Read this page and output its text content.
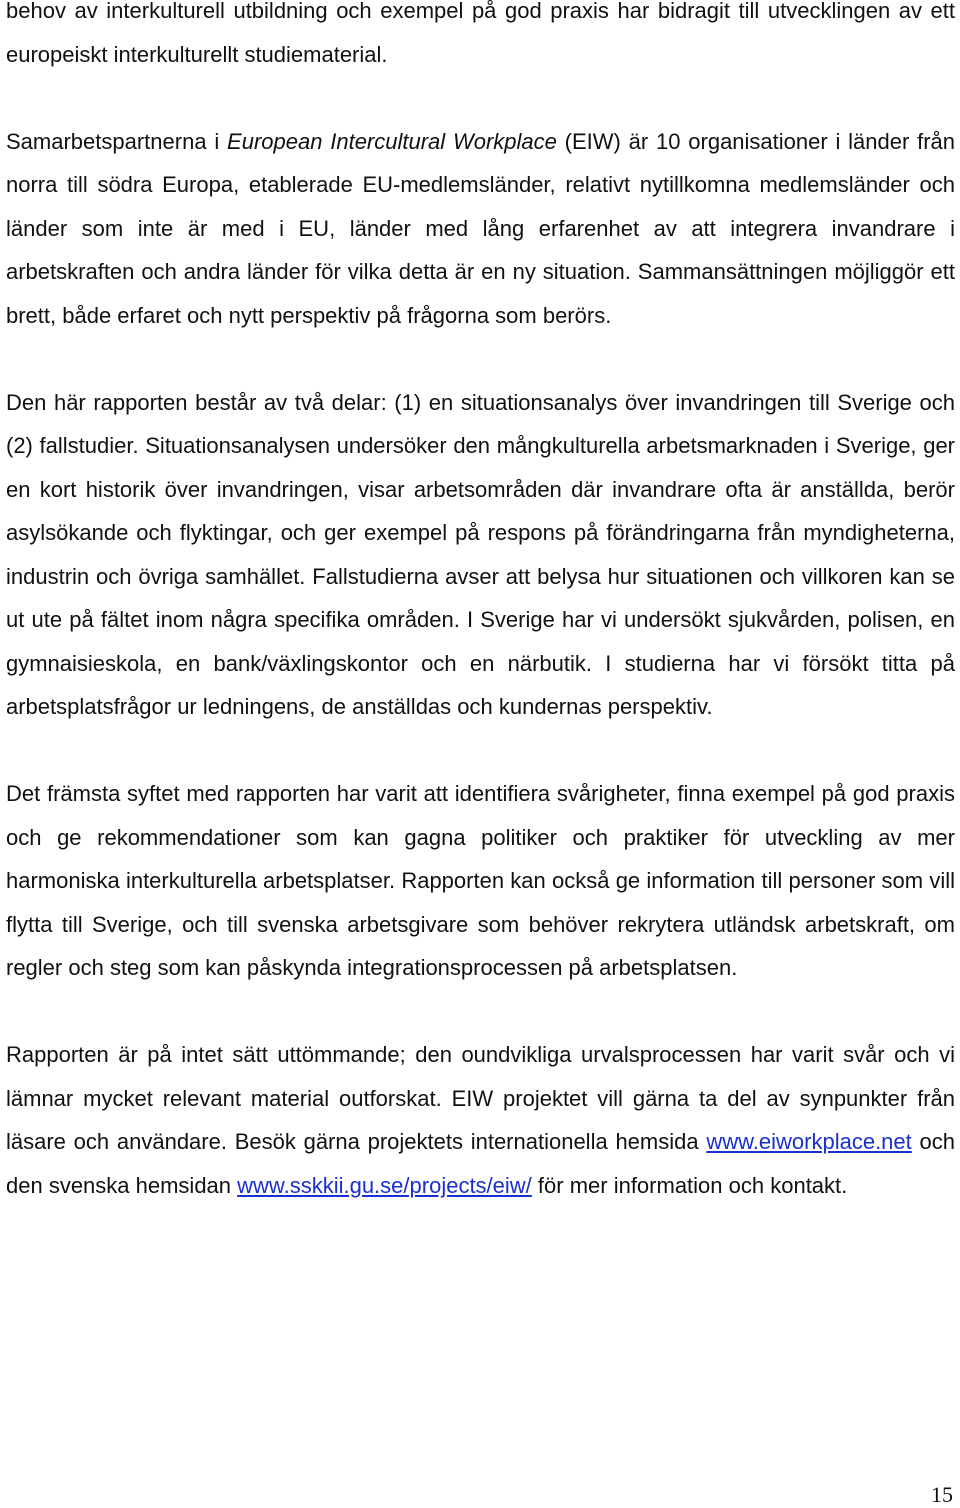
behov av interkulturell utbildning och exempel på god praxis har bidragit till utvecklingen av ett europeiskt interkulturellt studiematerial.

Samarbetspartnerna i European Intercultural Workplace (EIW) är 10 organisationer i länder från norra till södra Europa, etablerade EU-medlemsländer, relativt nytillkomna medlemsländer och länder som inte är med i EU, länder med lång erfarenhet av att integrera invandrare i arbetskraften och andra länder för vilka detta är en ny situation. Sammansättningen möjliggör ett brett, både erfaret och nytt perspektiv på frågorna som berörs.

Den här rapporten består av två delar: (1) en situationsanalys över invandringen till Sverige och (2) fallstudier. Situationsanalysen undersöker den mångkulturella arbetsmarknaden i Sverige, ger en kort historik över invandringen, visar arbetsområden där invandrare ofta är anställda, berör asylsökande och flyktingar, och ger exempel på respons på förändringarna från myndigheterna, industrin och övriga samhället. Fallstudierna avser att belysa hur situationen och villkoren kan se ut ute på fältet inom några specifika områden. I Sverige har vi undersökt sjukvården, polisen, en gymnaisieskola, en bank/växlingskontor och en närbutik. I studierna har vi försökt titta på arbetsplatsfrågor ur ledningens, de anställdas och kundernas perspektiv.

Det främsta syftet med rapporten har varit att identifiera svårigheter, finna exempel på god praxis och ge rekommendationer som kan gagna politiker och praktiker för utveckling av mer harmoniska interkulturella arbetsplatser. Rapporten kan också ge information till personer som vill flytta till Sverige, och till svenska arbetsgivare som behöver rekrytera utländsk arbetskraft, om regler och steg som kan påskynda integrationsprocessen på arbetsplatsen.

Rapporten är på intet sätt uttömmande; den oundvikliga urvalsprocessen har varit svår och vi lämnar mycket relevant material outforskat. EIW projektet vill gärna ta del av synpunkter från läsare och användare. Besök gärna projektets internationella hemsida www.eiworkplace.net och den svenska hemsidan www.sskkii.gu.se/projects/eiw/ för mer information och kontakt.

15
